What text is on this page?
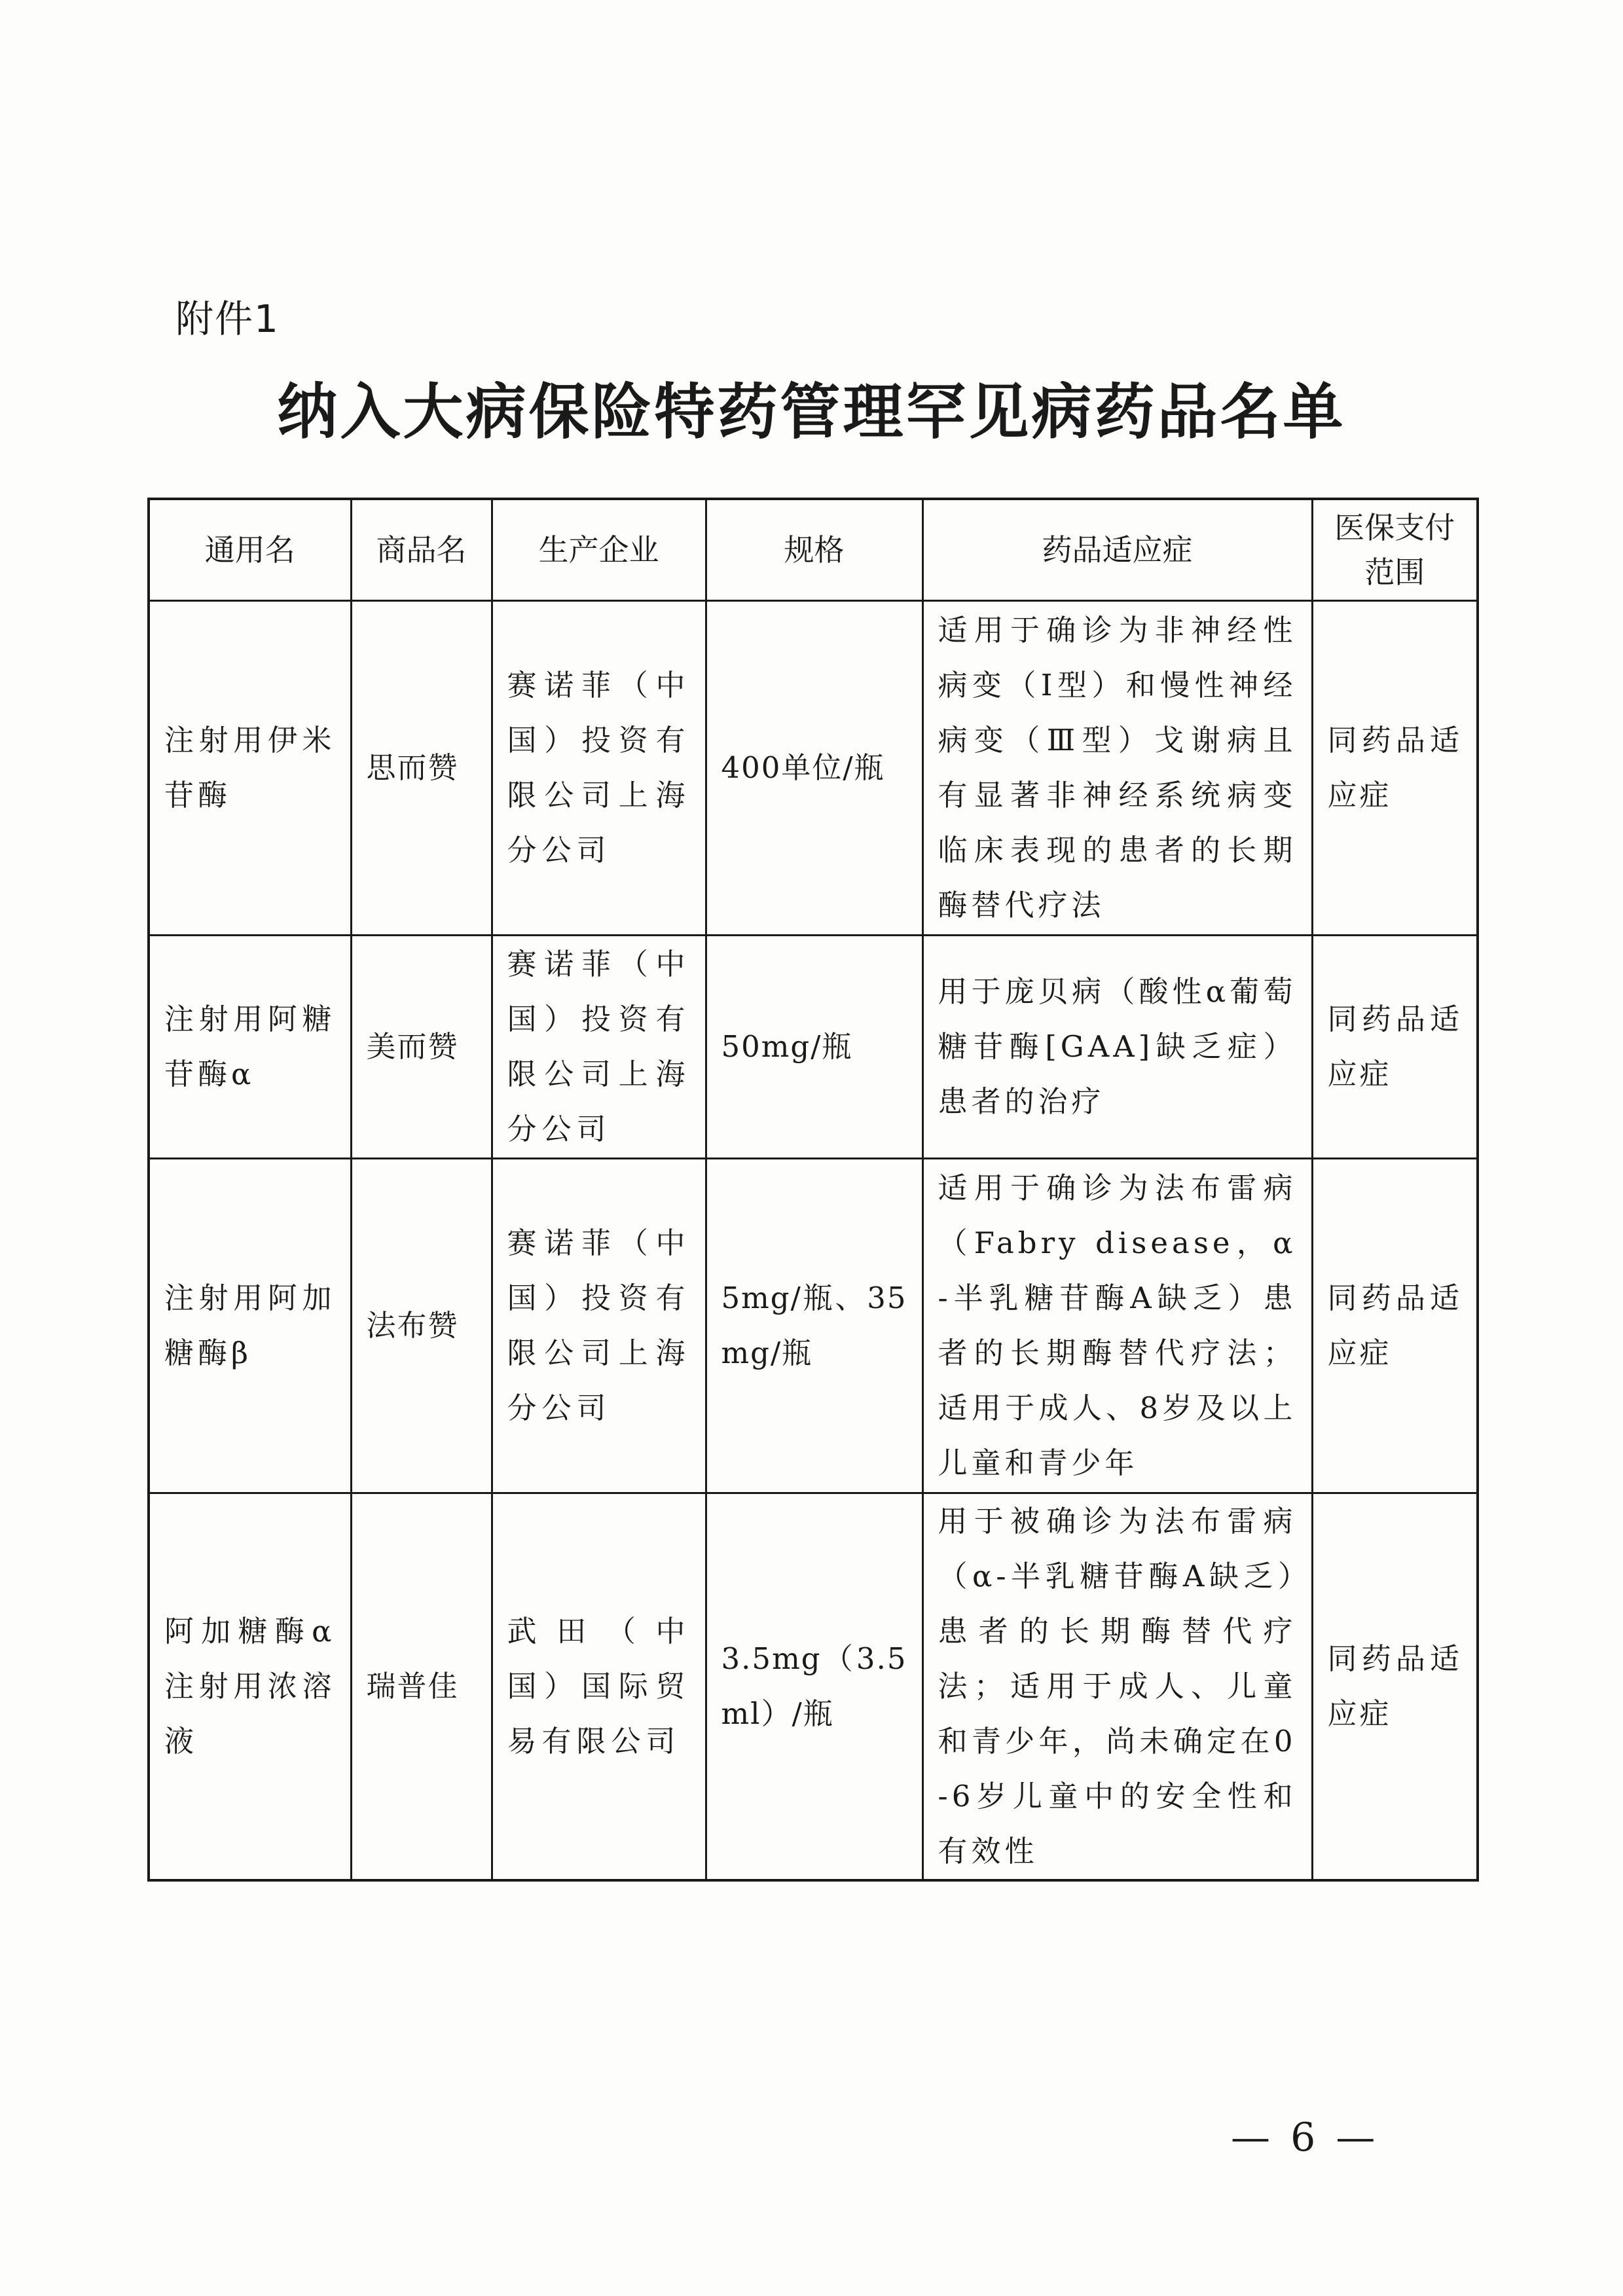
附件1
纳入大病保险特药管理罕见病药品名单
通用名	商品名	生产企业	规格	药品适应症	医保支付范围
注射用伊米苷酶	思而赞	赛诺菲（中国）投资有限公司上海分公司	400单位/瓶	适用于确诊为非神经性病变（Ⅰ型）和慢性神经病变（Ⅲ型）戈谢病且有显著非神经系统病变临床表现的患者的长期酶替代疗法	同药品适应症
注射用阿糖苷酶α	美而赞	赛诺菲（中国）投资有限公司上海分公司	50mg/瓶	用于庞贝病（酸性α葡萄糖苷酶[GAA]缺乏症）患者的治疗	同药品适应症
注射用阿加糖酶β	法布赞	赛诺菲（中国）投资有限公司上海分公司	5mg/瓶、35mg/瓶	适用于确诊为法布雷病（Fabry disease，α-半乳糖苷酶A缺乏）患者的长期酶替代疗法；适用于成人、8岁及以上儿童和青少年	同药品适应症
阿加糖酶α注射用浓溶液	瑞普佳	武田（中国）国际贸易有限公司	3.5mg（3.5ml）/瓶	用于被确诊为法布雷病（α-半乳糖苷酶A缺乏）患者的长期酶替代疗法；适用于成人、儿童和青少年，尚未确定在0-6岁儿童中的安全性和有效性	同药品适应症
— 6 —
